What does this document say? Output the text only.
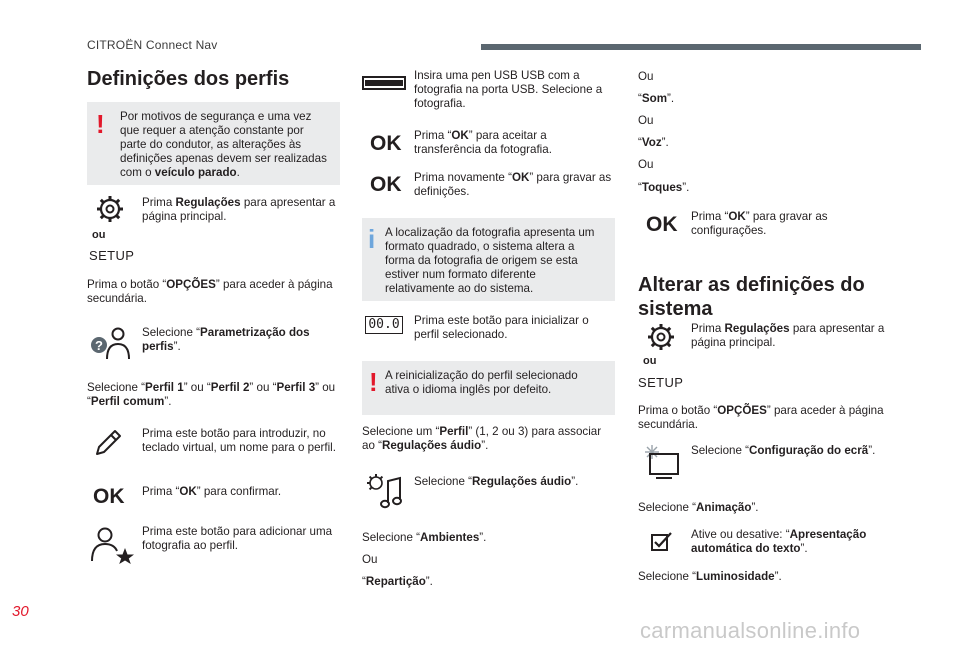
CITROËN Connect Nav
Definições dos perfis
! Por motivos de segurança e uma vez que requer a atenção constante por parte do condutor, as alterações às definições apenas devem ser realizadas com o veículo parado.
ou
SETUP
Prima Regulações para apresentar a página principal.
Prima o botão “OPÇÕES” para aceder à página secundária.
?
Selecione “Parametrização dos perfis”.
Selecione “Perfil 1” ou “Perfil 2” ou “Perfil 3” ou “Perfil comum”.
Prima este botão para introduzir, no teclado virtual, um nome para o perfil.
OK Prima “OK” para confirmar.
Prima este botão para adicionar uma fotografia ao perfil.
Insira uma pen USB USB com a fotografia na porta USB. Selecione a fotografia.
OK Prima “OK” para aceitar a transferência da fotografia.
OK Prima novamente “OK” para gravar as definições.
i A localização da fotografia apresenta um formato quadrado, o sistema altera a forma da fotografia de origem se esta estiver num formato diferente relativamente ao do sistema.
00.0 Prima este botão para inicializar o perfil selecionado.
! A reinicialização do perfil selecionado ativa o idioma inglês por defeito.
Selecione um “Perfil” (1, 2 ou 3) para associar ao “Regulações áudio”.
Selecione “Regulações áudio”.
Selecione “Ambientes”.
Ou
“Repartição”.
Ou
“Som”.
Ou
“Voz”.
Ou
“Toques”.
OK Prima “OK” para gravar as configurações.
Alterar as definições do sistema
ou
SETUP
Prima Regulações para apresentar a página principal.
Prima o botão “OPÇÕES” para aceder à página secundária.
Selecione “Configuração do ecrã”.
Selecione “Animação”.
Ative ou desative: “Apresentação automática do texto”.
Selecione “Luminosidade”.
30
carmanualsonline.info
